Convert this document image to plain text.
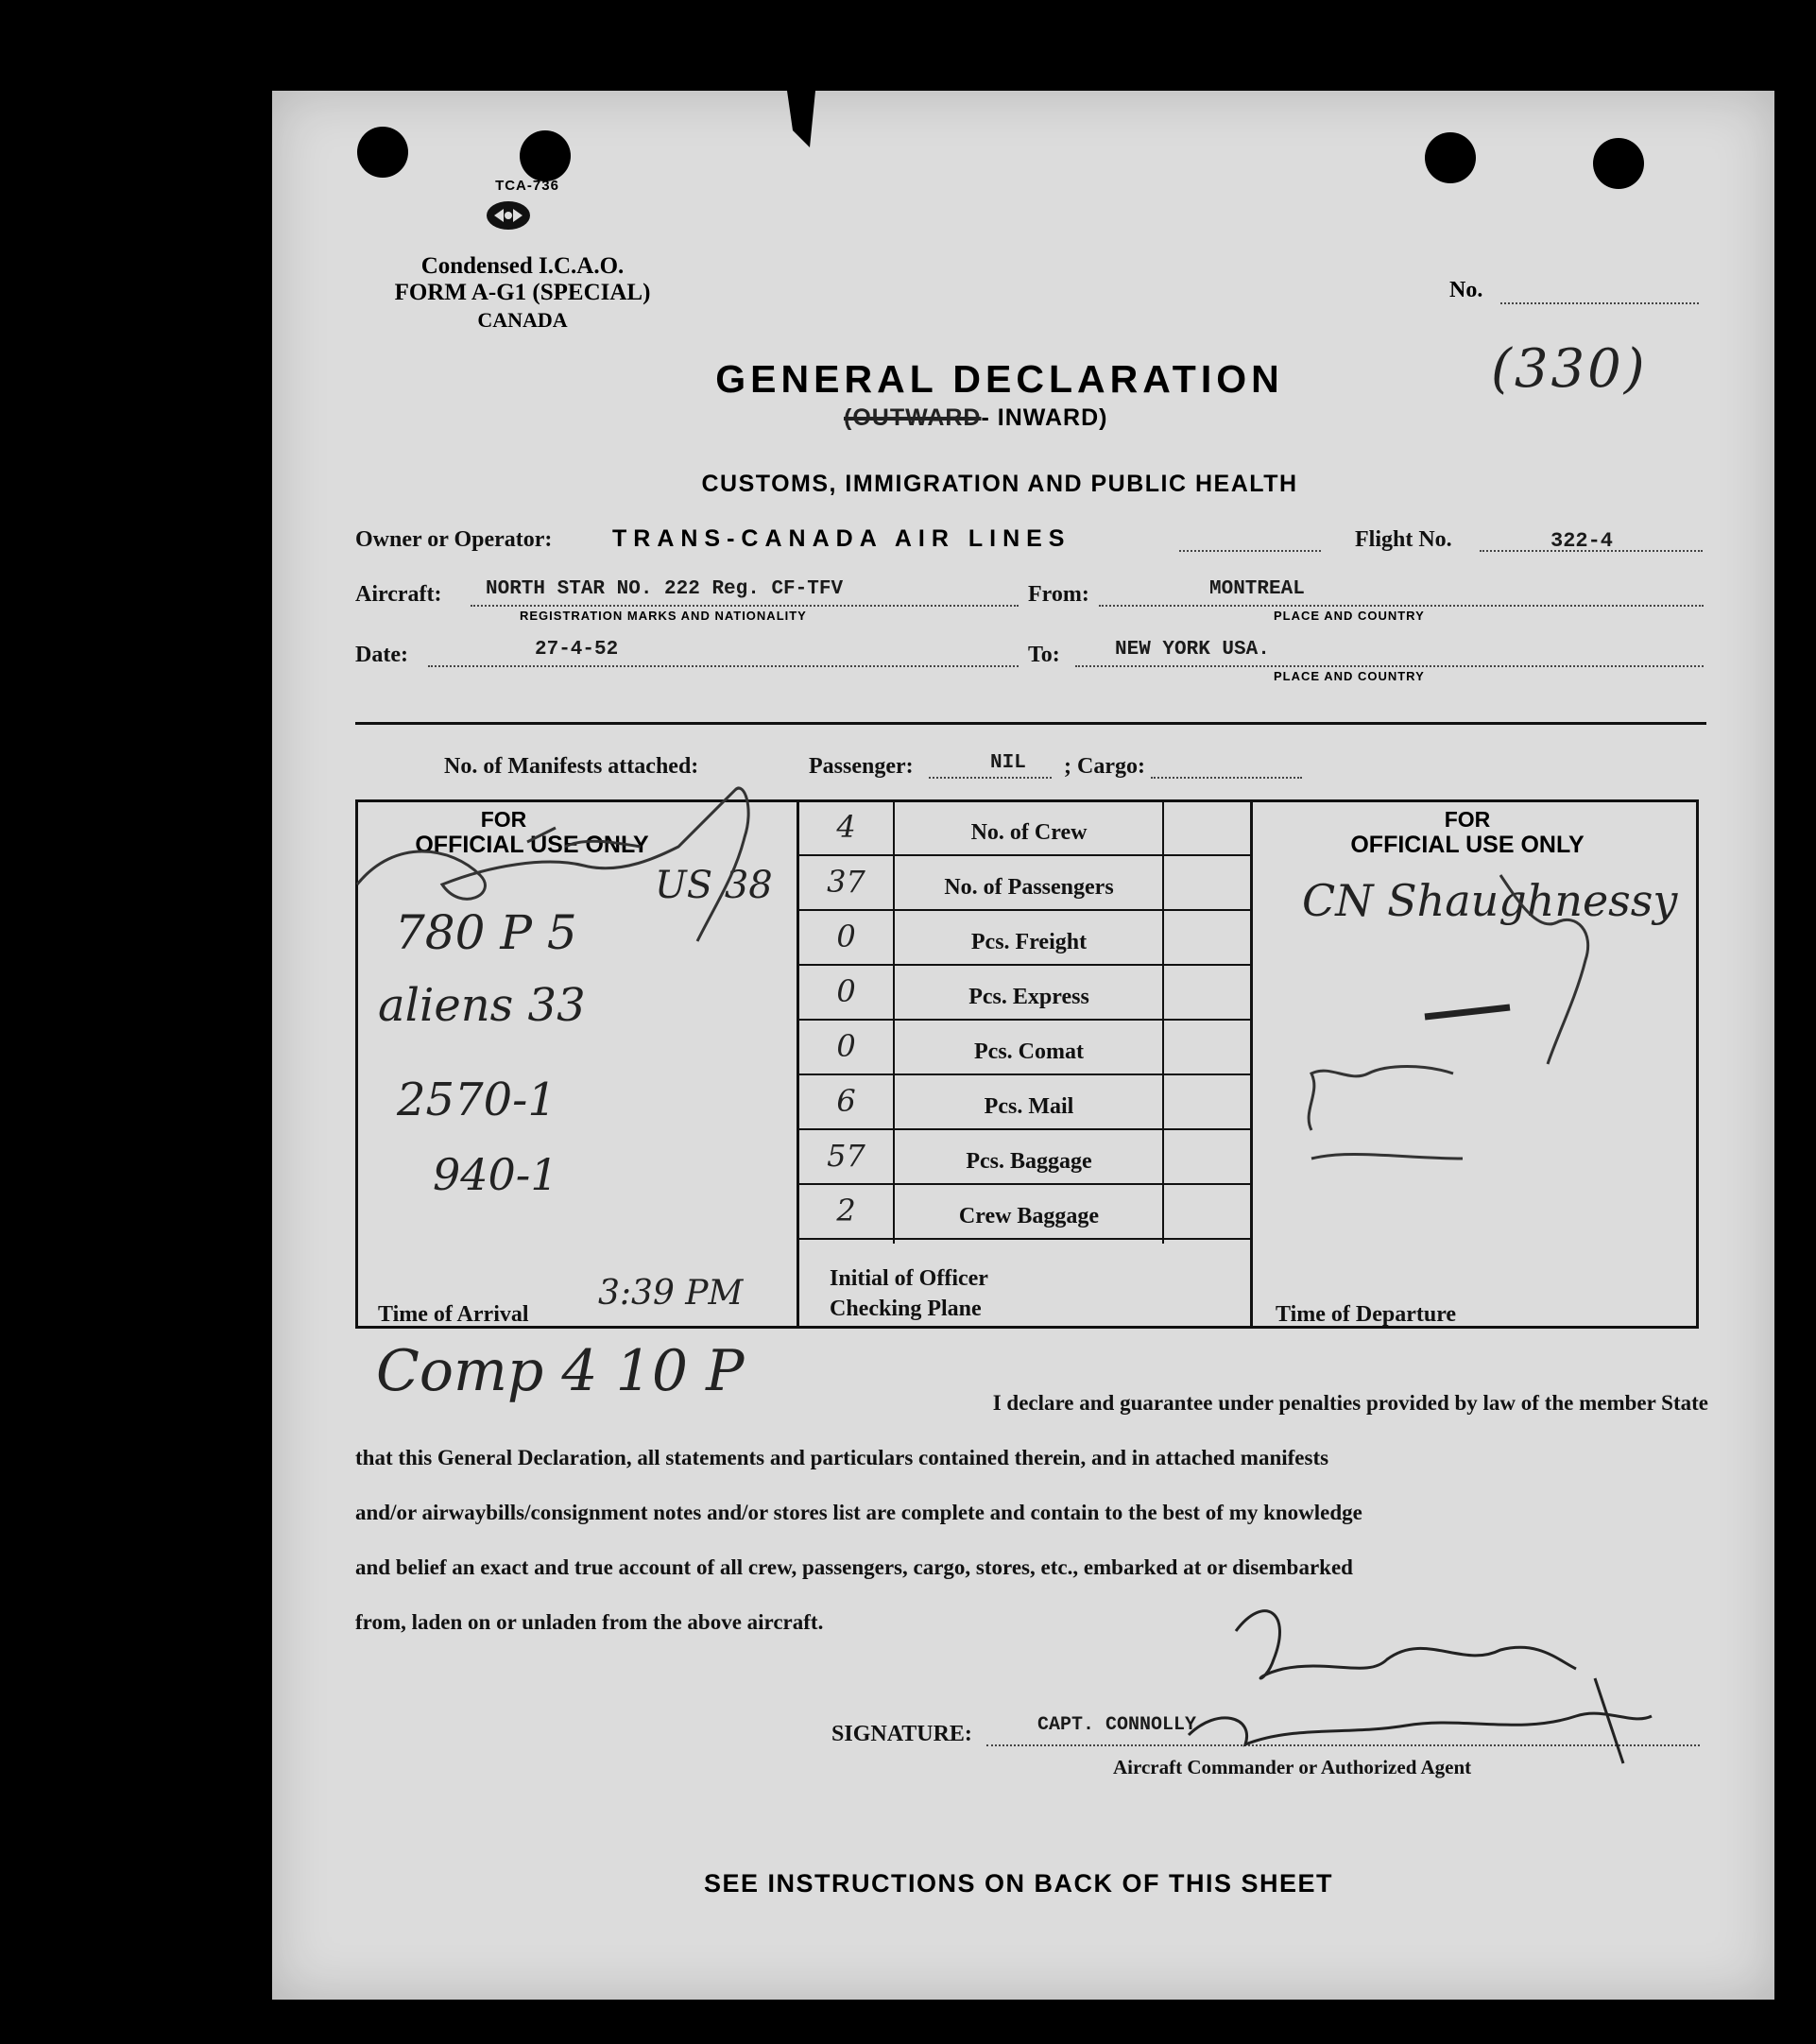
TCA-736
Condensed I.C.A.O.
FORM A-G1 (SPECIAL)
CANADA
No.
(330)
GENERAL DECLARATION
(OUTWARD- INWARD)
CUSTOMS, IMMIGRATION AND PUBLIC HEALTH
Owner or Operator:	TRANS-CANADA AIR LINES	Flight No.	322-4
Aircraft: NORTH STAR NO. 222 Reg. CF-TFV
REGISTRATION MARKS AND NATIONALITY
From:	MONTREAL
PLACE AND COUNTRY
Date:	27-4-52	To:	NEW YORK USA.
PLACE AND COUNTRY
No. of Manifests attached:	Passenger:	NIL ; Cargo:
FOR
OFFICIAL USE ONLY
FOR
OFFICIAL USE ONLY
4	No. of Crew
37	No. of Passengers
0	Pcs. Freight
0	Pcs. Express
0	Pcs. Comat
6	Pcs. Mail
57	Pcs. Baggage
2	Crew Baggage
Initial of Officer
Checking Plane
Time of Arrival
3:39 PM
Time of Departure
US 38
780 P 5
aliens 33
2570-1
940-1
CN Shaughnessy
Comp 4 10 P	I declare and guarantee under penalties provided by law of the member State
that this General Declaration, all statements and particulars contained therein, and in attached manifests
and/or airwaybills/consignment notes and/or stores list are complete and contain to the best of my knowledge
and belief an exact and true account of all crew, passengers, cargo, stores, etc., embarked at or disembarked
from, laden on or unladen from the above aircraft.
SIGNATURE:	CAPT. CONNOLLY
Aircraft Commander or Authorized Agent
SEE INSTRUCTIONS ON BACK OF THIS SHEET
